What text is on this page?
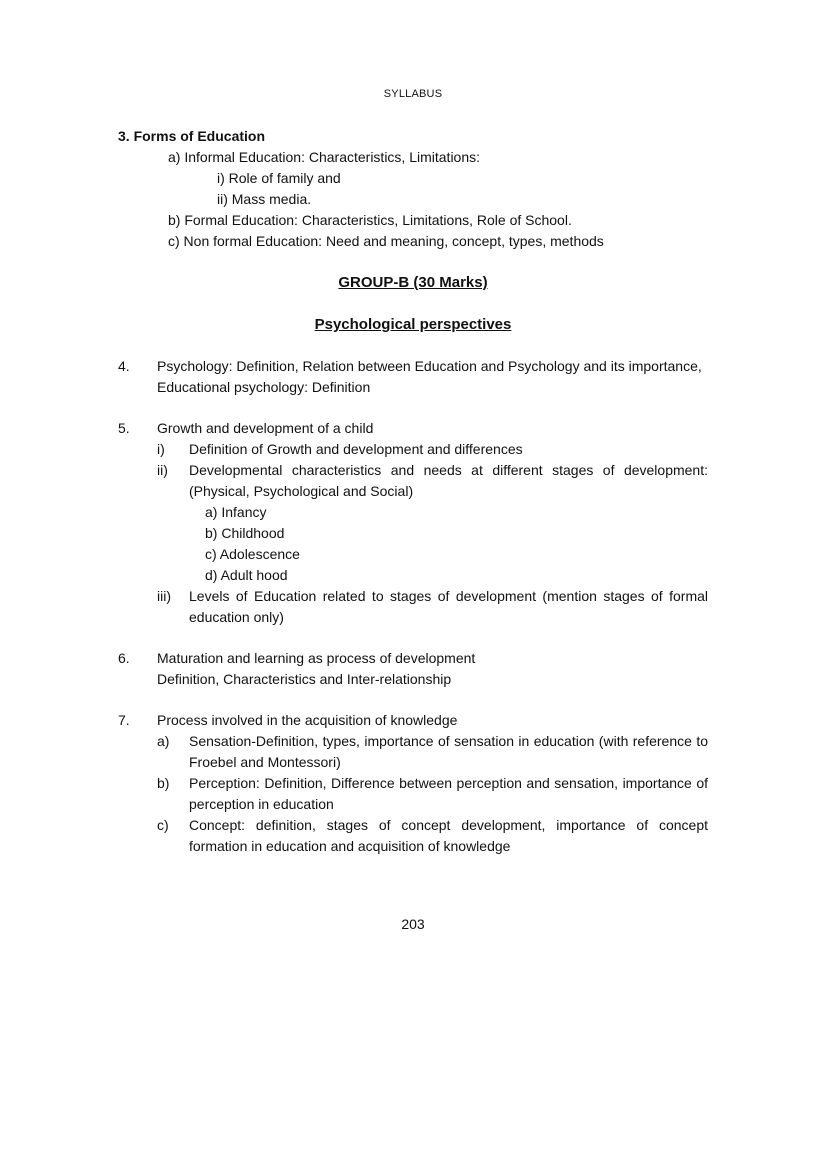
SYLLABUS
3. Forms of Education
a) Informal Education: Characteristics, Limitations:
i) Role of family and
ii) Mass media.
b) Formal Education: Characteristics, Limitations, Role of School.
c) Non formal Education: Need and meaning, concept, types, methods
GROUP-B (30 Marks)
Psychological perspectives
4. Psychology: Definition, Relation between Education and Psychology and its importance,
Educational psychology: Definition
5. Growth and development of a child
i) Definition of Growth and development and differences
ii) Developmental characteristics and needs at different stages of development: (Physical, Psychological and Social)
a) Infancy
b) Childhood
c) Adolescence
d) Adult hood
iii) Levels of Education related to stages of development (mention stages of formal education only)
6. Maturation and learning as process of development
Definition, Characteristics and Inter-relationship
7. Process involved in the acquisition of knowledge
a) Sensation-Definition, types, importance of sensation in education (with reference to Froebel and Montessori)
b) Perception: Definition, Difference between perception and sensation, importance of perception in education
c) Concept: definition, stages of concept development, importance of concept formation in education and acquisition of knowledge
203
